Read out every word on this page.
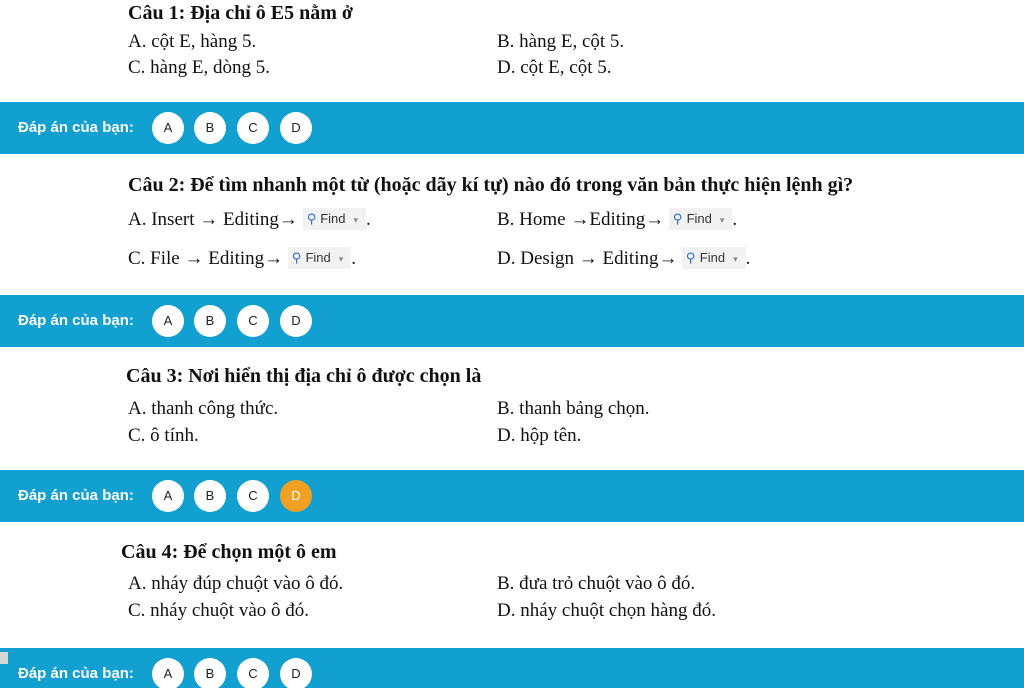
Câu 1: Địa chỉ ô E5 nằm ở
A. cột E, hàng 5.	B. hàng E, cột 5.
C. hàng E, dòng 5.	D. cột E, cột 5.
Đáp án của bạn:	A	B	C	D
Câu 2: Để tìm nhanh một từ (hoặc dãy kí tự) nào đó trong văn bản thực hiện lệnh gì?
A. Insert → Editing→ ⚲ Find ▾ .	B. Home →Editing→ ⚲ Find ▾ .
C. File → Editing→ ⚲ Find ▾ .	D. Design → Editing→ ⚲ Find ▾ .
Đáp án của bạn:	A	B	C	D
Câu 3: Nơi hiển thị địa chỉ ô được chọn là
A. thanh công thức.	B. thanh bảng chọn.
C. ô tính.	D. hộp tên.
Đáp án của bạn:	A	B	C	D
Câu 4: Để chọn một ô em
A. nháy đúp chuột vào ô đó.	B. đưa trỏ chuột vào ô đó.
C. nháy chuột vào ô đó.	D. nháy chuột chọn hàng đó.
Đáp án của bạn:	A	B	C	D
